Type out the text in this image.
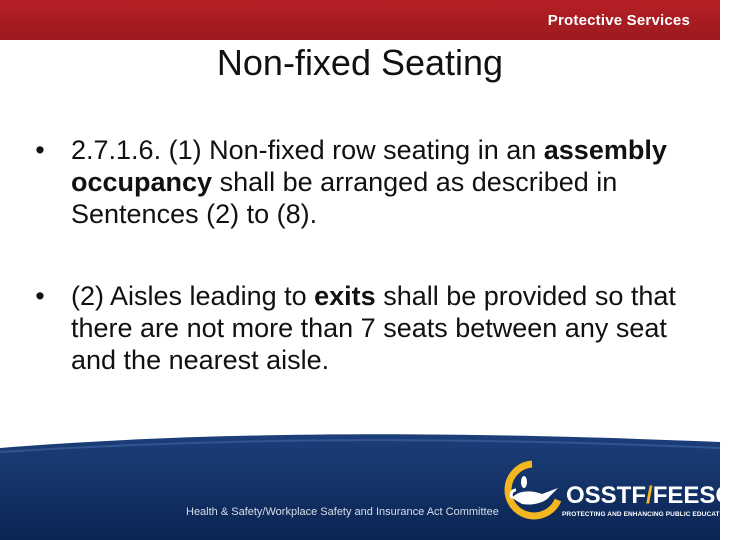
Protective Services
Non-fixed Seating
• 2.7.1.6. (1) Non-fixed row seating in an assembly occupancy shall be arranged as described in Sentences (2) to (8).
• (2) Aisles leading to exits shall be provided so that there are not more than 7 seats between any seat and the nearest aisle.
Health & Safety/Workplace Safety and Insurance Act Committee
OSSTF/FEESO
PROTECTING AND ENHANCING PUBLIC EDUCATION
